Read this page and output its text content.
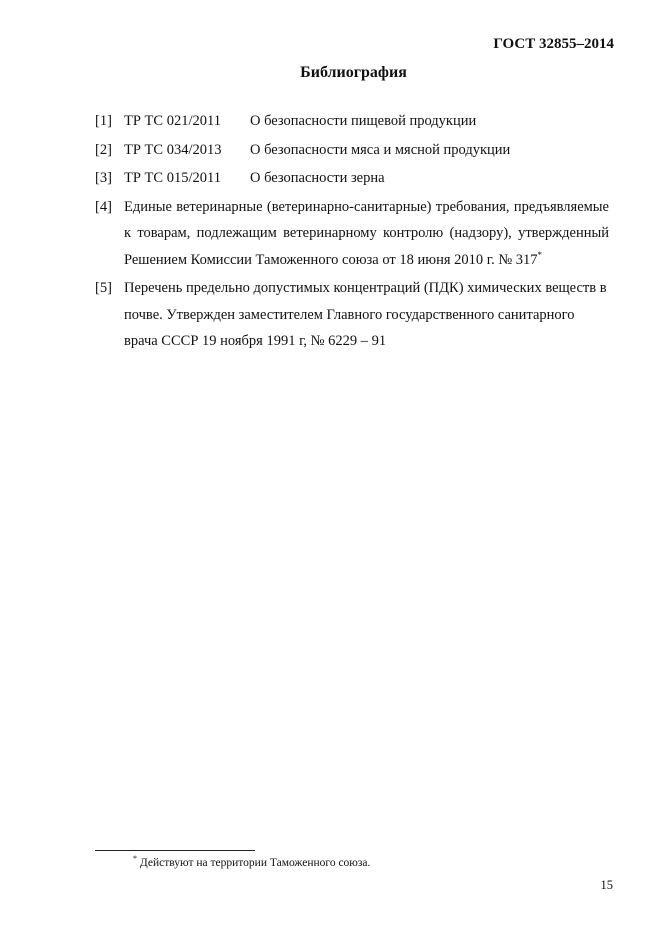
ГОСТ 32855–2014
Библиография
[1] ТР ТС 021/2011 О безопасности пищевой продукции
[2] ТР ТС 034/2013 О безопасности мяса и мясной продукции
[3] ТР ТС 015/2011 О безопасности зерна
[4] Единые ветеринарные (ветеринарно-санитарные) требования, предъявляемые к товарам, подлежащим ветеринарному контролю (надзору), утвержденный Решением Комиссии Таможенного союза от 18 июня 2010 г. № 317*
[5] Перечень предельно допустимых концентраций (ПДК) химических веществ в почве. Утвержден заместителем Главного государственного санитарного врача СССР 19 ноября 1991 г, № 6229 – 91
* Действуют на территории Таможенного союза.
15
